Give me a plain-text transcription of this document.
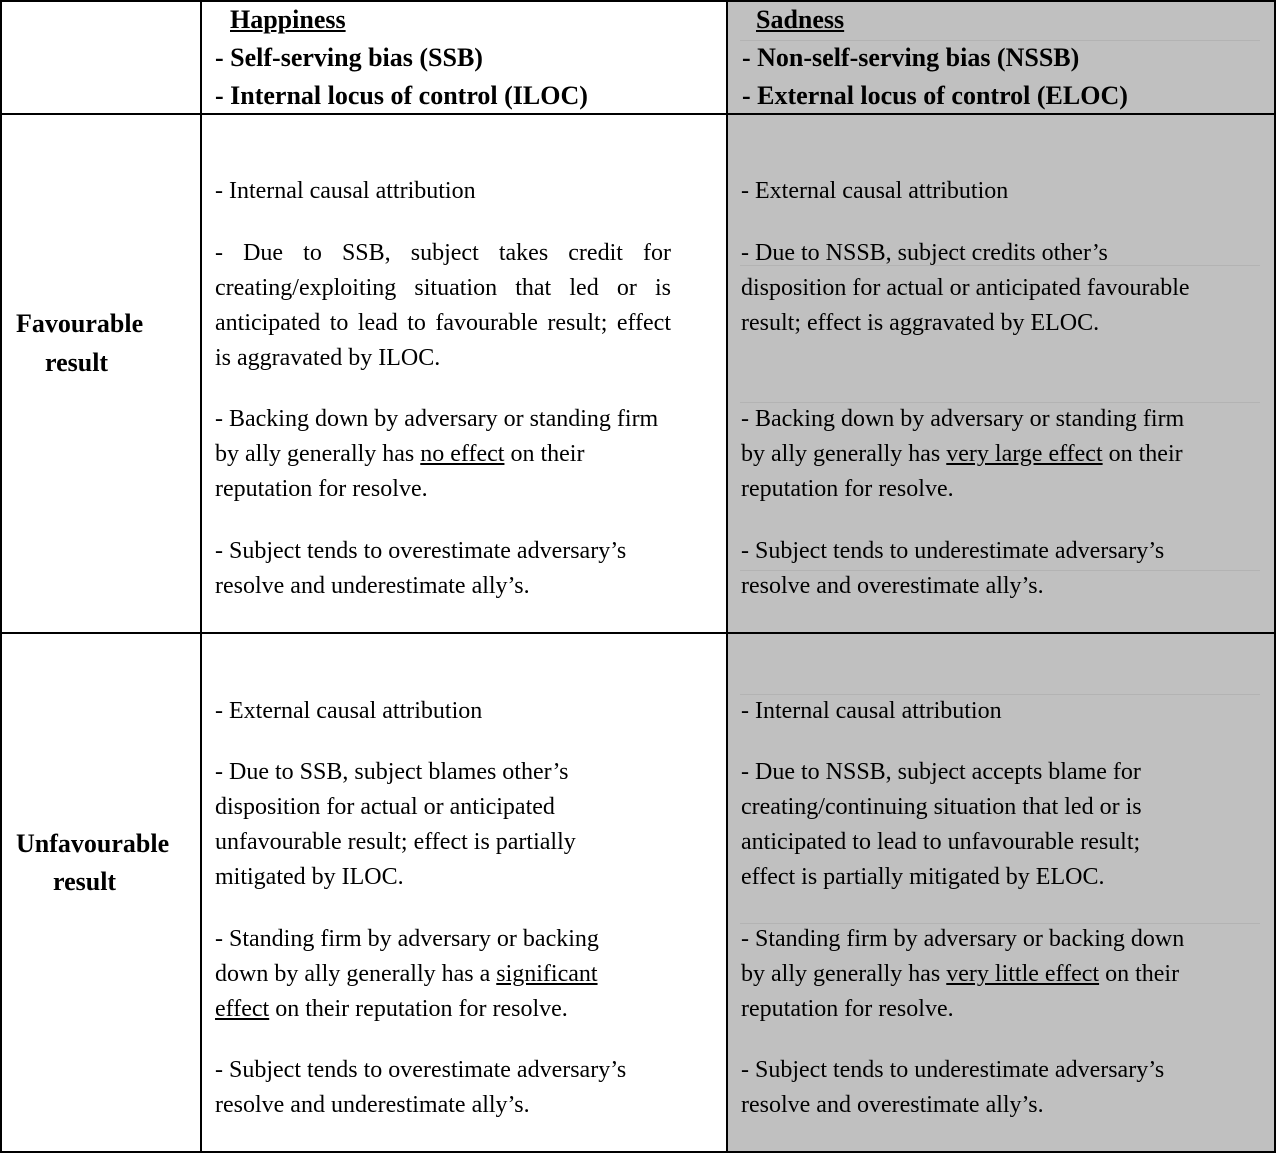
Happiness
- Self-serving bias (SSB)
- Internal locus of control (ILOC)
Sadness
- Non-self-serving bias (NSSB)
- External locus of control (ELOC)
Favourable
result
Unfavourable
result
- Internal causal attribution
- Due to SSB, subject takes credit for creating/exploiting situation that led or is anticipated to lead to favourable result; effect is aggravated by ILOC.
- Backing down by adversary or standing firm by ally generally has no effect on their reputation for resolve.
- Subject tends to overestimate adversary’s resolve and underestimate ally’s.
- External causal attribution
- Due to NSSB, subject credits other’s disposition for actual or anticipated favourable result; effect is aggravated by ELOC.
- Backing down by adversary or standing firm by ally generally has very large effect on their reputation for resolve.
- Subject tends to underestimate adversary’s resolve and overestimate ally’s.
- External causal attribution
- Due to SSB, subject blames other’s disposition for actual or anticipated unfavourable result; effect is partially mitigated by ILOC.
- Standing firm by adversary or backing down by ally generally has a significant effect on their reputation for resolve.
- Subject tends to overestimate adversary’s resolve and underestimate ally’s.
- Internal causal attribution
- Due to NSSB, subject accepts blame for creating/continuing situation that led or is anticipated to lead to unfavourable result; effect is partially mitigated by ELOC.
- Standing firm by adversary or backing down by ally generally has very little effect on their reputation for resolve.
- Subject tends to underestimate adversary’s resolve and overestimate ally’s.
